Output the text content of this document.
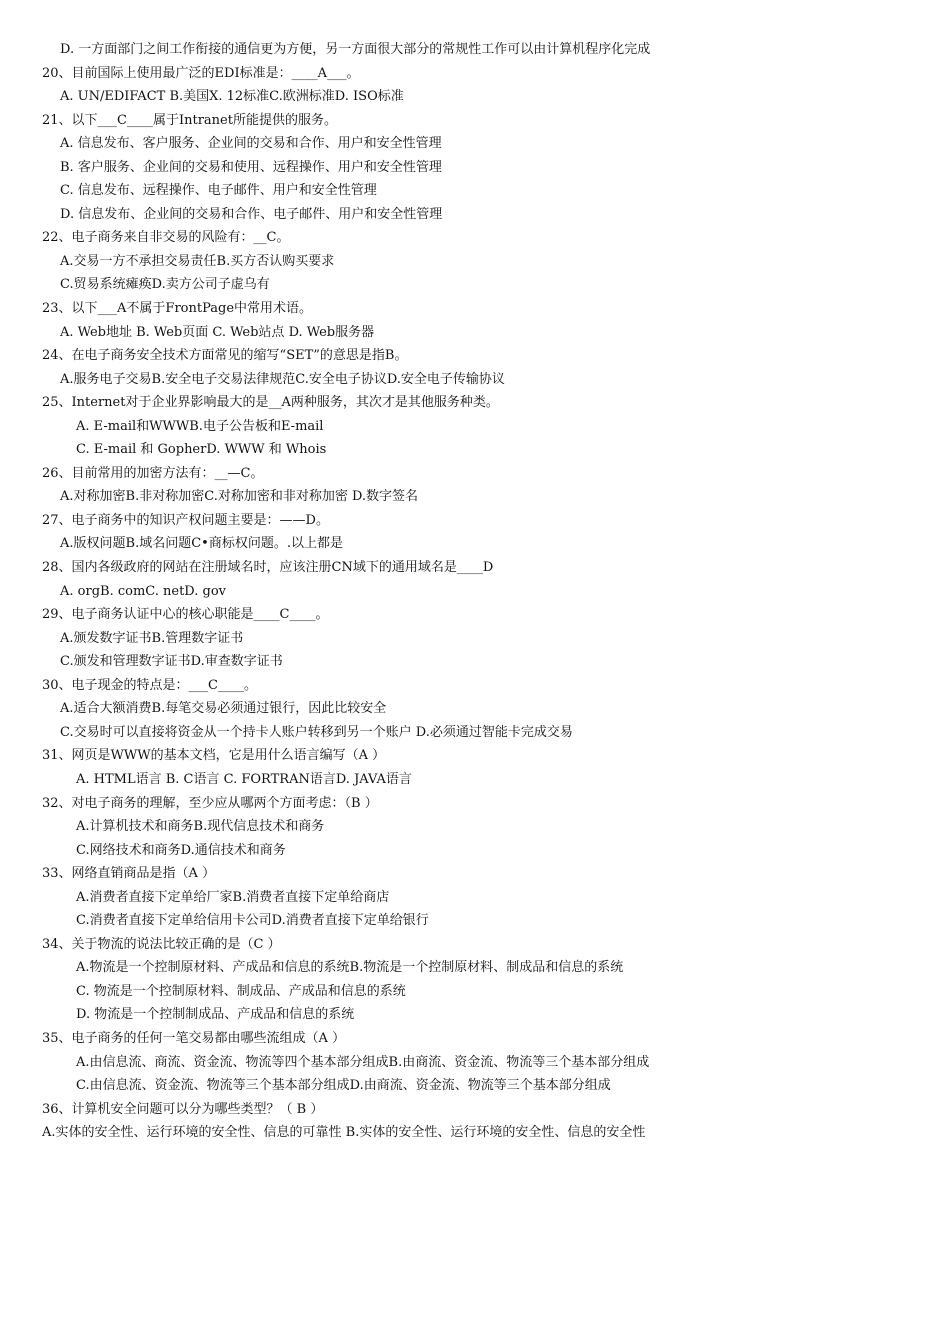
D. 一方面部门之间工作衔接的通信更为方便，另一方面很大部分的常规性工作可以由计算机程序化完成
20、目前国际上使用最广泛的EDI标准是：____A___。
A. UN/EDIFACT B.美国X. 12标准C.欧洲标准D. ISO标准
21、以下___C____属于Intranet所能提供的服务。
A. 信息发布、客户服务、企业间的交易和合作、用户和安全性管理
B. 客户服务、企业间的交易和使用、远程操作、用户和安全性管理
C. 信息发布、远程操作、电子邮件、用户和安全性管理
D. 信息发布、企业间的交易和合作、电子邮件、用户和安全性管理
22、电子商务来自非交易的风险有：__C。
A.交易一方不承担交易责任B.买方否认购买要求
C.贸易系统瘫痪D.卖方公司子虚乌有
23、以下___A不属于FrontPage中常用术语。
A. Web地址 B. Web页面 C. Web站点 D. Web服务器
24、在电子商务安全技术方面常见的缩写“SET”的意思是指B。
A.服务电子交易B.安全电子交易法律规范C.安全电子协议D.安全电子传输协议
25、Internet对于企业界影响最大的是__A两种服务，其次才是其他服务种类。
A. E-mail和WWWB.电子公告板和E-mail
C. E-mail 和 GopherD. WWW 和 Whois
26、目前常用的加密方法有：__—C。
A.对称加密B.非对称加密C.对称加密和非对称加密 D.数字签名
27、电子商务中的知识产权问题主要是：——D。
A.版权问题B.域名问题C•商标权问题。.以上都是
28、国内各级政府的网站在注册域名时，应该注册CN域下的通用域名是____D
A. orgB. comC. netD. gov
29、电子商务认证中心的核心职能是____C____。
A.颁发数字证书B.管理数字证书
C.颁发和管理数字证书D.审查数字证书
30、电子现金的特点是：___C____。
A.适合大额消费B.每笔交易必须通过银行，因此比较安全
C.交易时可以直接将资金从一个持卡人账户转移到另一个账户 D.必须通过智能卡完成交易
31、网页是WWW的基本文档，它是用什么语言编写（A ）
A. HTML语言 B. C语言 C. FORTRAN语言D. JAVA语言
32、对电子商务的理解，至少应从哪两个方面考虑：（B ）
A.计算机技术和商务B.现代信息技术和商务
C.网络技术和商务D.通信技术和商务
33、网络直销商品是指（A ）
A.消费者直接下定单给厂家B.消费者直接下定单给商店
C.消费者直接下定单给信用卡公司D.消费者直接下定单给银行
34、关于物流的说法比较正确的是（C ）
A.物流是一个控制原材料、产成品和信息的系统B.物流是一个控制原材料、制成品和信息的系统
C. 物流是一个控制原材料、制成品、产成品和信息的系统
D. 物流是一个控制制成品、产成品和信息的系统
35、电子商务的任何一笔交易都由哪些流组成（A ）
A.由信息流、商流、资金流、物流等四个基本部分组成B.由商流、资金流、物流等三个基本部分组成
C.由信息流、资金流、物流等三个基本部分组成D.由商流、资金流、物流等三个基本部分组成
36、计算机安全问题可以分为哪些类型？（ B ）
A.实体的安全性、运行环境的安全性、信息的可靠性 B.实体的安全性、运行环境的安全性、信息的安全性
